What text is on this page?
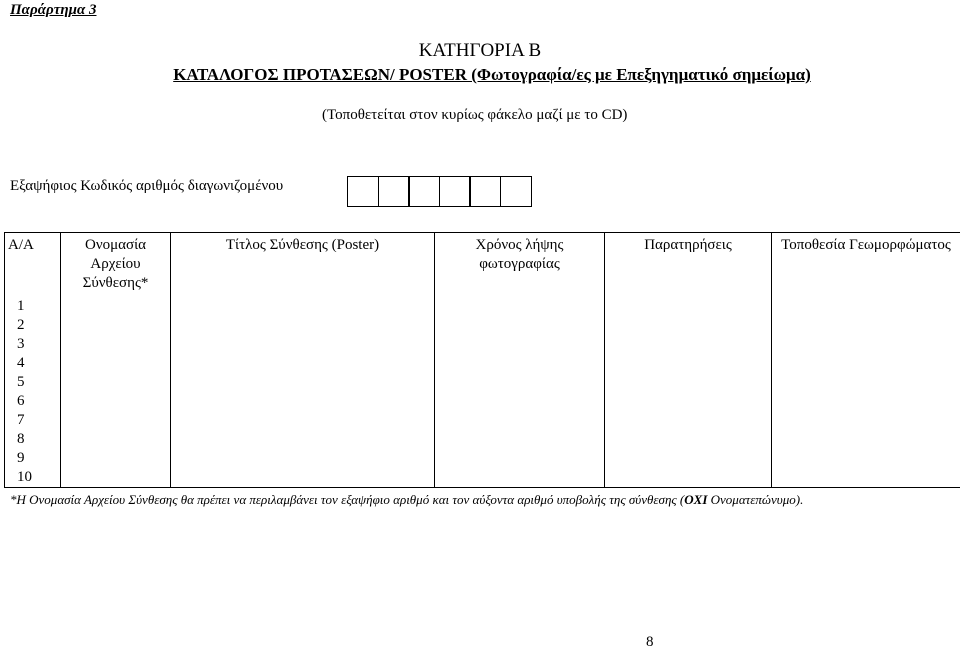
Παράρτημα 3
ΚΑΤΗΓΟΡΙΑ Β
ΚΑΤΑΛΟΓΟΣ ΠΡΟΤΑΣΕΩΝ/ POSTER (Φωτογραφία/ες με Επεξηγηματικό σημείωμα)
(Τοποθετείται στον κυρίως φάκελο μαζί με το CD)
Εξαψήφιος Κωδικός αριθμός διαγωνιζομένου
Α/Α	Ονομασία Αρχείου Σύνθεσης*	Τίτλος Σύνθεσης (Poster)	Χρόνος λήψης φωτογραφίας	Παρατηρήσεις	Τοποθεσία Γεωμορφώματος
1					
2					
3					
4					
5					
6					
7					
8					
9					
10					
*Η Ονομασία Αρχείου Σύνθεσης θα πρέπει να περιλαμβάνει τον εξαψήφιο αριθμό και τον αύξοντα αριθμό υποβολής της σύνθεσης (ΟΧΙ Ονοματεπώνυμο).
8
